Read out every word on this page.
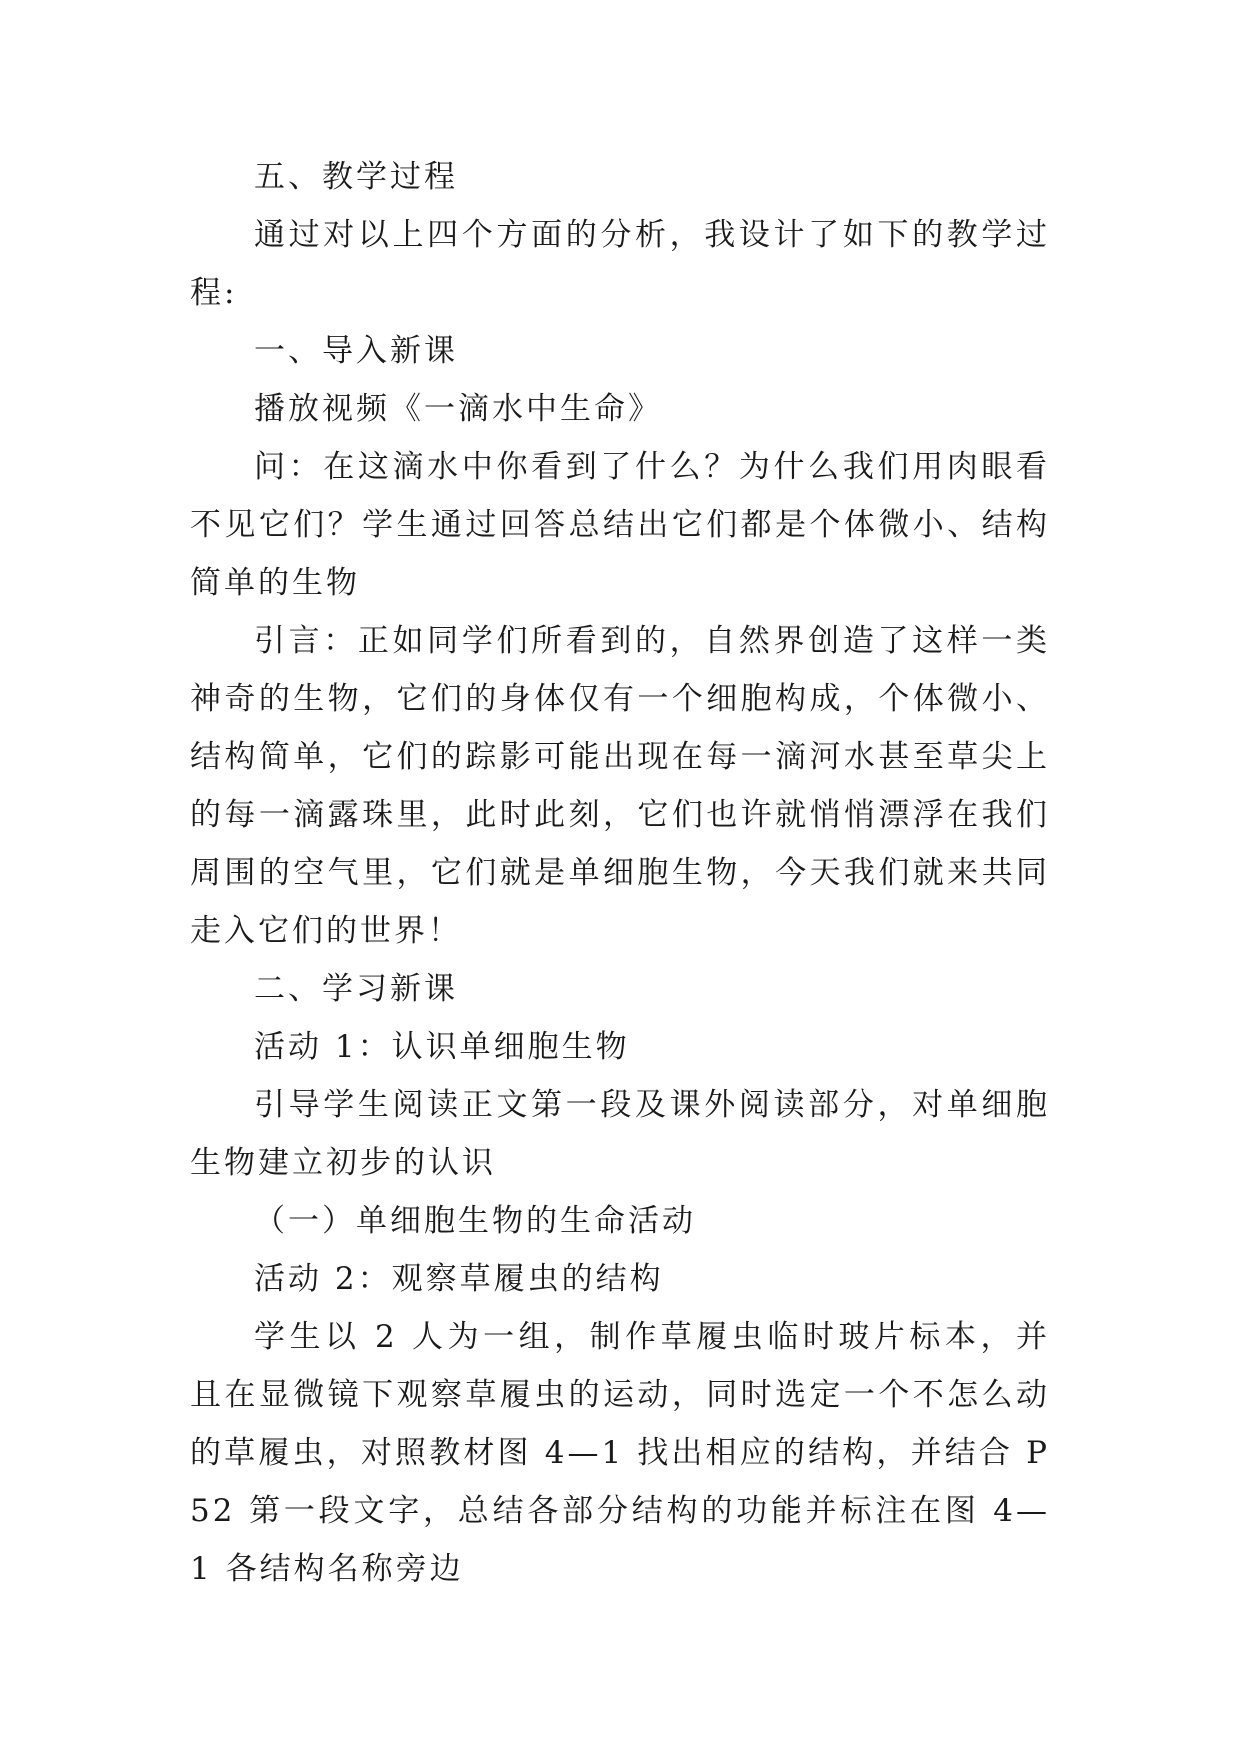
五、教学过程

通过对以上四个方面的分析，我设计了如下的教学过程:

一、导入新课

播放视频《一滴水中生命》

问：在这滴水中你看到了什么？为什么我们用肉眼看不见它们？学生通过回答总结出它们都是个体微小、结构简单的生物

引言：正如同学们所看到的，自然界创造了这样一类神奇的生物，它们的身体仅有一个细胞构成，个体微小、结构简单，它们的踪影可能出现在每一滴河水甚至草尖上的每一滴露珠里，此时此刻，它们也许就悄悄漂浮在我们周围的空气里，它们就是单细胞生物，今天我们就来共同走入它们的世界！

二、学习新课

活动 1：认识单细胞生物

引导学生阅读正文第一段及课外阅读部分，对单细胞生物建立初步的认识

（一）单细胞生物的生命活动

活动 2：观察草履虫的结构

学生以 2 人为一组，制作草履虫临时玻片标本，并且在显微镜下观察草履虫的运动，同时选定一个不怎么动的草履虫，对照教材图 4—1 找出相应的结构，并结合 P52 第一段文字，总结各部分结构的功能并标注在图 4—1 各结构名称旁边
